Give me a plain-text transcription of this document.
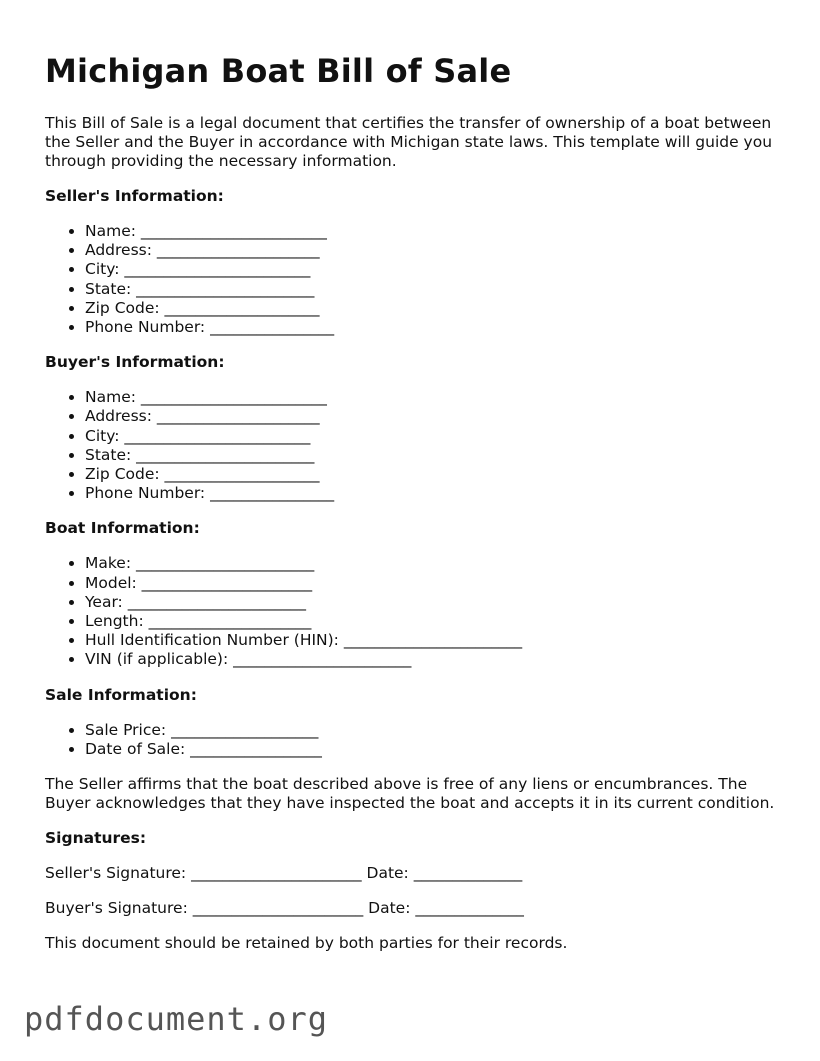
Michigan Boat Bill of Sale

This Bill of Sale is a legal document that certifies the transfer of ownership of a boat between the Seller and the Buyer in accordance with Michigan state laws. This template will guide you through providing the necessary information.

Seller's Information:
• Name: ________________________
• Address: _____________________
• City: ________________________
• State: _______________________
• Zip Code: ____________________
• Phone Number: ________________
Buyer's Information:
• Name: ________________________
• Address: _____________________
• City: ________________________
• State: _______________________
• Zip Code: ____________________
• Phone Number: ________________
Boat Information:
• Make: _______________________
• Model: ______________________
• Year: _______________________
• Length: _____________________
• Hull Identification Number (HIN): _______________________
• VIN (if applicable): _______________________
Sale Information:
• Sale Price: ___________________
• Date of Sale: _________________

The Seller affirms that the boat described above is free of any liens or encumbrances. The Buyer acknowledges that they have inspected the boat and accepts it in its current condition.

Signatures:

Seller's Signature: ______________________ Date: ______________

Buyer's Signature: ______________________ Date: ______________

This document should be retained by both parties for their records.

pdfdocument.org
